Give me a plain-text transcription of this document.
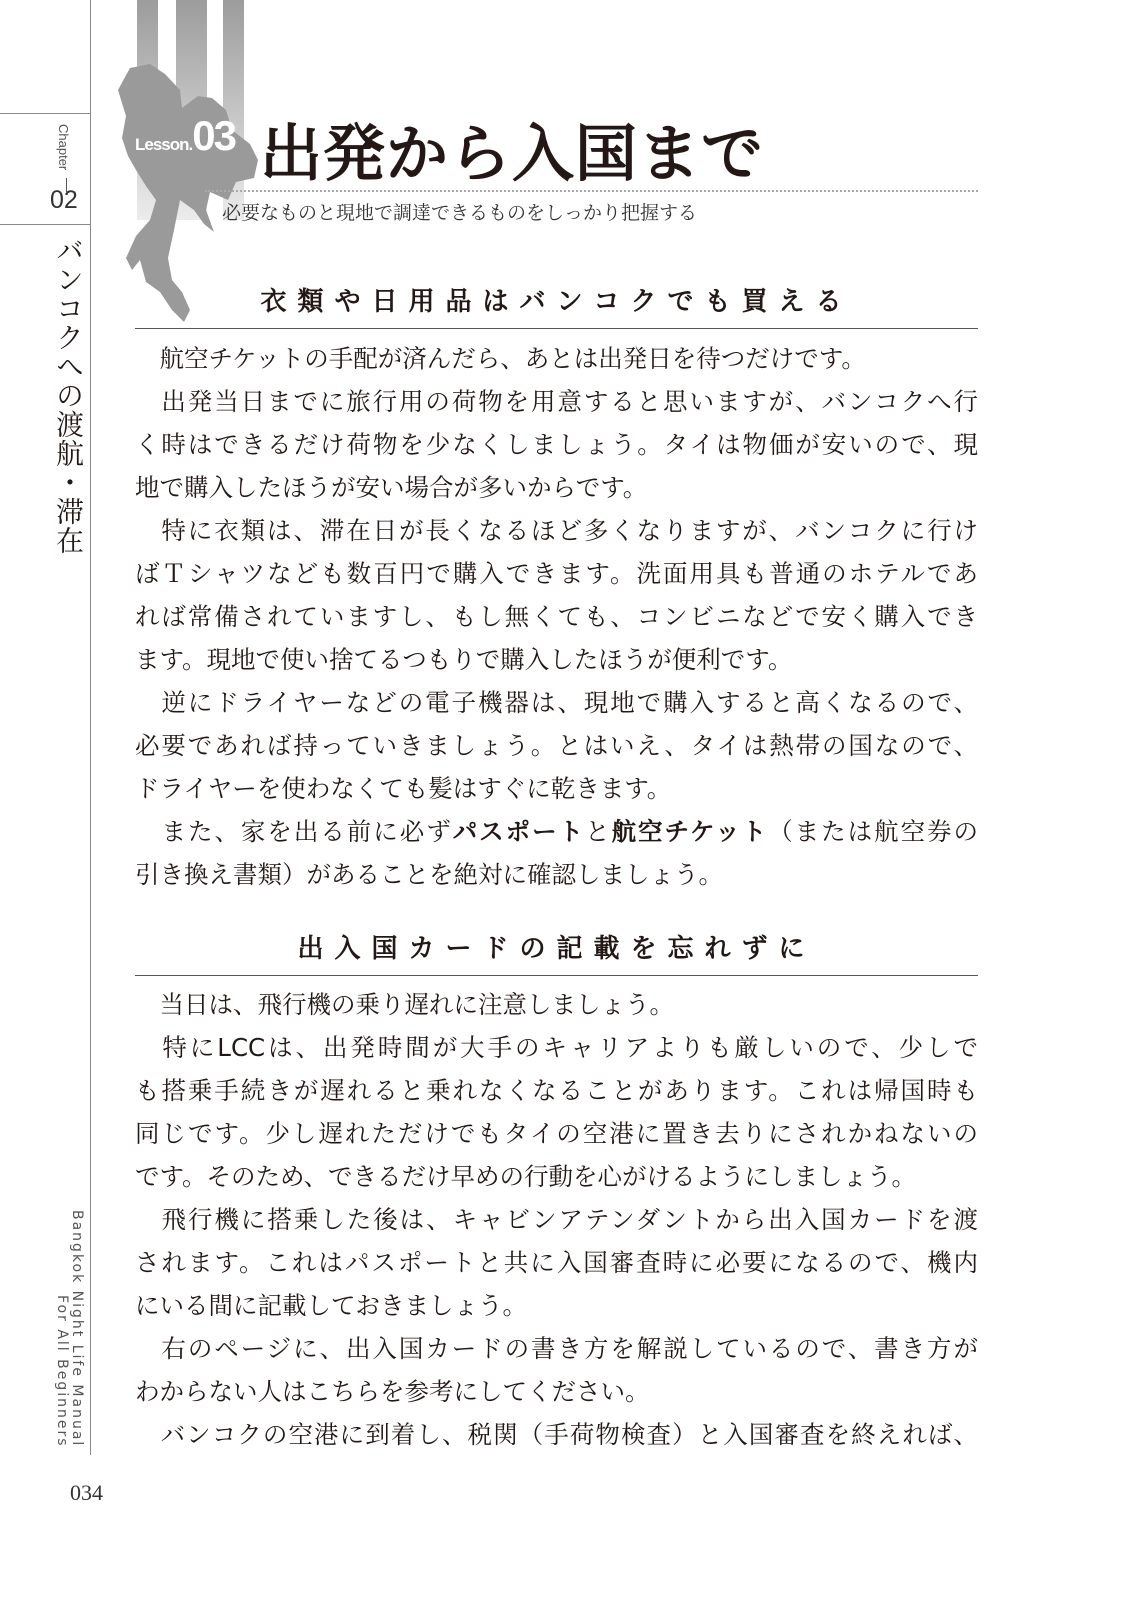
Chapter
02
バンコクへの渡航・滞在
Bangkok Night Life Manual
For All Beginners
034
Lesson.03 出発から入国まで
必要なものと現地で調達できるものをしっかり把握する
衣類や日用品はバンコクでも買える
　航空チケットの手配が済んだら、あとは出発日を待つだけです。
　出発当日までに旅行用の荷物を用意すると思いますが、バンコクへ行
く時はできるだけ荷物を少なくしましょう。タイは物価が安いので、現
地で購入したほうが安い場合が多いからです。
　特に衣類は、滞在日が長くなるほど多くなりますが、バンコクに行け
ばＴシャツなども数百円で購入できます。洗面用具も普通のホテルであ
れば常備されていますし、もし無くても、コンビニなどで安く購入でき
ます。現地で使い捨てるつもりで購入したほうが便利です。
　逆にドライヤーなどの電子機器は、現地で購入すると高くなるので、
必要であれば持っていきましょう。とはいえ、タイは熱帯の国なので、
ドライヤーを使わなくても髪はすぐに乾きます。
　また、家を出る前に必ずパスポートと航空チケット（または航空券の
引き換え書類）があることを絶対に確認しましょう。
出入国カードの記載を忘れずに
　当日は、飛行機の乗り遅れに注意しましょう。
　特にLCCは、出発時間が大手のキャリアよりも厳しいので、少しで
も搭乗手続きが遅れると乗れなくなることがあります。これは帰国時も
同じです。少し遅れただけでもタイの空港に置き去りにされかねないの
です。そのため、できるだけ早めの行動を心がけるようにしましょう。
　飛行機に搭乗した後は、キャビンアテンダントから出入国カードを渡
されます。これはパスポートと共に入国審査時に必要になるので、機内
にいる間に記載しておきましょう。
　右のページに、出入国カードの書き方を解説しているので、書き方が
わからない人はこちらを参考にしてください。
　バンコクの空港に到着し、税関（手荷物検査）と入国審査を終えれば、
